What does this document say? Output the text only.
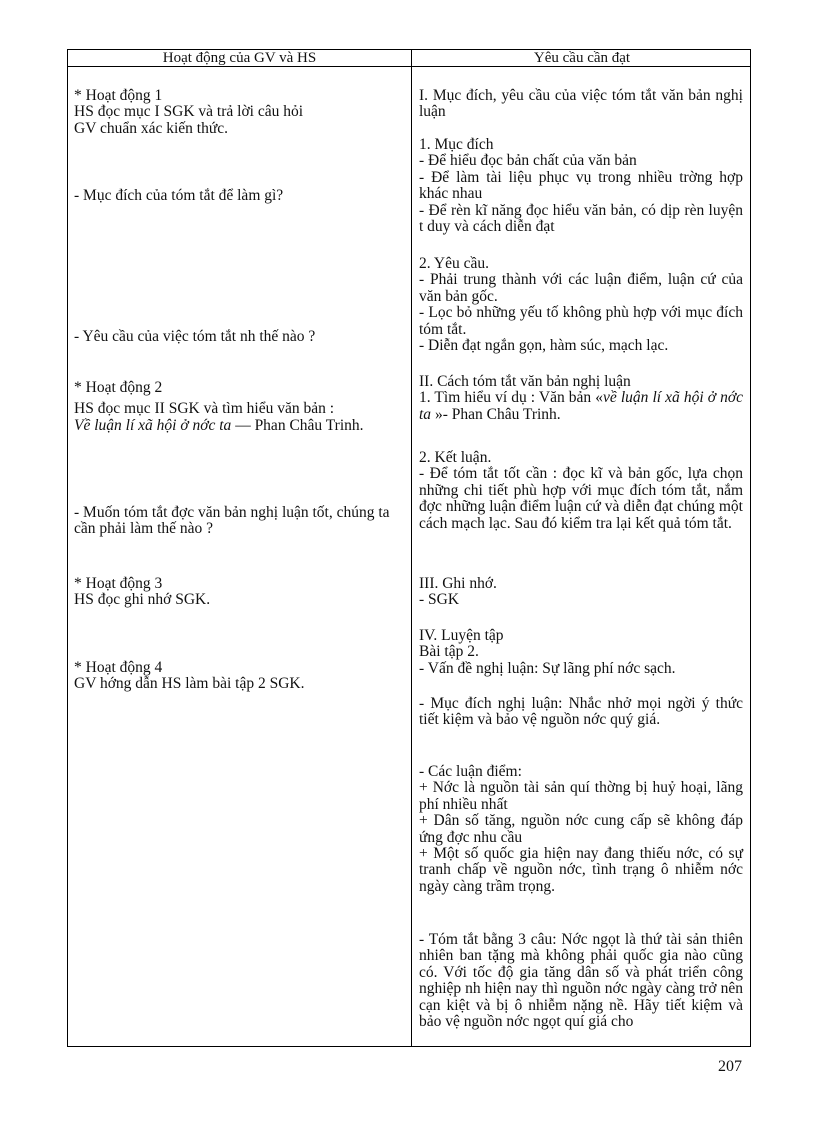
Hoạt động của GV và HS	Yêu cầu cần đạt

* Hoạt động 1

HS đọc mục I SGK và trả lời câu hỏi

GV chuẩn xác kiến thức.

- Mục đích của tóm tắt để làm gì?

- Yêu cầu của việc tóm tắt nh thế nào ?

* Hoạt động 2

HS đọc mục II SGK và tìm hiểu văn bản :

Về luận lí xã hội ở nớc ta — Phan Châu Trinh.

- Muốn tóm tắt đợc văn bản nghị luận tốt, chúng ta cần phải làm thế nào ?

* Hoạt động 3

HS đọc ghi nhớ SGK.

* Hoạt động 4

GV hớng dẫn HS làm bài tập 2 SGK.

I. Mục đích, yêu cầu của việc tóm tắt văn bản nghị luận

1. Mục đích

- Để hiểu đọc bản chất của văn bản

- Để làm tài liệu phục vụ trong nhiều trờng hợp khác nhau

- Để rèn kĩ năng đọc hiểu văn bản, có dịp rèn luyện t duy và cách diễn đạt

2. Yêu cầu.

- Phải trung thành với các luận điểm, luận cứ của văn bản gốc.

- Lọc bỏ những yếu tố không phù hợp với mục đích tóm tắt.

- Diễn đạt ngắn gọn, hàm súc, mạch lạc.

II. Cách tóm tắt văn bản nghị luận

1. Tìm hiểu ví dụ : Văn bản «về luận lí xã hội ở nớc ta »- Phan Châu Trinh.

2. Kết luận.

- Để tóm tắt tốt cần : đọc kĩ và bản gốc, lựa chọn những chi tiết phù hợp với mục đích tóm tắt, nắm đợc những luận điểm luận cứ và diễn đạt chúng một cách mạch lạc. Sau đó kiểm tra lại kết quả tóm tắt.

III. Ghi nhớ.

- SGK

IV. Luyện tập

Bài tập 2.

- Vấn đề nghị luận: Sự lãng phí nớc sạch.

- Mục đích nghị luận: Nhắc nhở mọi ngời ý thức tiết kiệm và bảo vệ nguồn nớc quý giá.

- Các luận điểm:

+ Nớc là nguồn tài sản quí thờng bị huỷ hoại, lãng phí nhiều nhất

+ Dân số tăng, nguồn nớc cung cấp sẽ không đáp ứng đợc nhu cầu

+ Một số quốc gia hiện nay đang thiếu nớc, có sự tranh chấp về nguồn nớc, tình trạng ô nhiễm nớc ngày càng trầm trọng.

- Tóm tắt bằng 3 câu: Nớc ngọt là thứ tài sản thiên nhiên ban tặng mà không phải quốc gia nào cũng có. Với tốc độ gia tăng dân số và phát triển công nghiệp nh hiện nay thì nguồn nớc ngày càng trở nên cạn kiệt và bị ô nhiễm nặng nề. Hãy tiết kiệm và bảo vệ nguồn nớc ngọt quí giá cho

207
